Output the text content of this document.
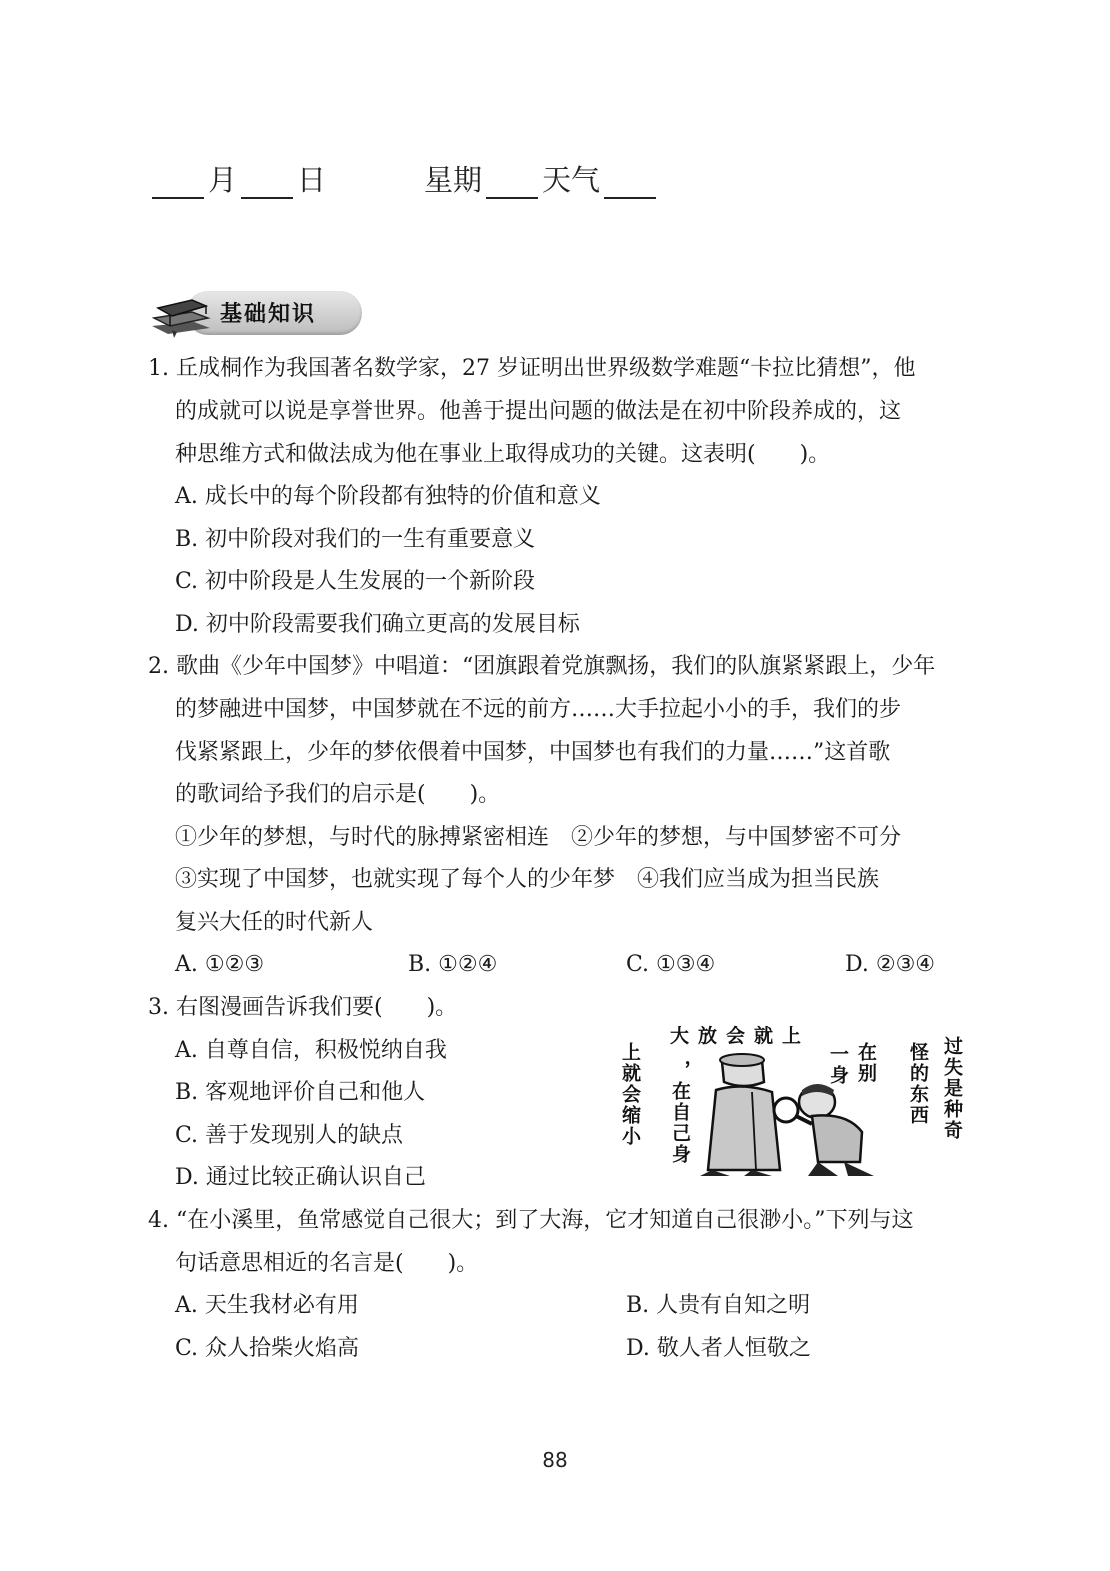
月 日	星期 天气
基础知识
1. 丘成桐作为我国著名数学家，27 岁证明出世界级数学难题“卡拉比猜想”，他
的成就可以说是享誉世界。他善于提出问题的做法是在初中阶段养成的，这
种思维方式和做法成为他在事业上取得成功的关键。这表明(　　)。
A. 成长中的每个阶段都有独特的价值和意义
B. 初中阶段对我们的一生有重要意义
C. 初中阶段是人生发展的一个新阶段
D. 初中阶段需要我们确立更高的发展目标
2. 歌曲《少年中国梦》中唱道：“团旗跟着党旗飘扬，我们的队旗紧紧跟上，少年
的梦融进中国梦，中国梦就在不远的前方……大手拉起小小的手，我们的步
伐紧紧跟上，少年的梦依偎着中国梦，中国梦也有我们的力量……”这首歌
的歌词给予我们的启示是(　　)。
①少年的梦想，与时代的脉搏紧密相连　②少年的梦想，与中国梦密不可分
③实现了中国梦，也就实现了每个人的少年梦　④我们应当成为担当民族
复兴大任的时代新人
A. ①②③	B. ①②④	C. ①③④	D. ②③④
3. 右图漫画告诉我们要(　　)。
A. 自尊自信，积极悦纳自我
B. 客观地评价自己和他人
C. 善于发现别人的缺点
D. 通过比较正确认识自己
大放会就上
上就会缩小 ，在自己身	一身 在别 怪的东西 过失是种奇
4. “在小溪里，鱼常感觉自己很大；到了大海，它才知道自己很渺小。”下列与这
句话意思相近的名言是(　　)。
A. 天生我材必有用	B. 人贵有自知之明
C. 众人拾柴火焰高	D. 敬人者人恒敬之
88
